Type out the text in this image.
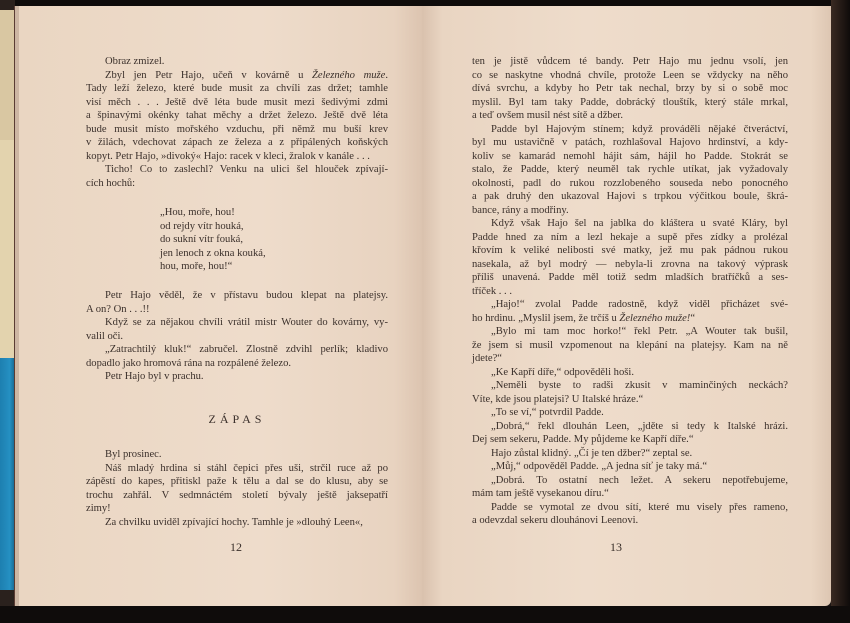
Obraz zmizel.
Zbyl jen Petr Hajo, učeň v kovárně u Železného muže.
Tady leží železo, které bude musit za chvíli zas držet; tamhle
visí měch . . . Ještě dvě léta bude musit mezi šedivými zdmi
a špinavými okénky tahat měchy a držet železo. Ještě dvě léta
bude musit místo mořského vzduchu, při němž mu buší krev
v žilách, vdechovat zápach ze železa a z připálených koňských
kopyt. Petr Hajo, »divoký« Hajo: racek v kleci, žralok v kanále . . .
Ticho! Co to zaslechl? Venku na ulici šel hlouček zpívají-
cích hochů:
„Hou, moře, hou!
od rejdy vítr houká,
do sukní vítr fouká,
jen lenoch z okna kouká,
hou, moře, hou!“
Petr Hajo věděl, že v přístavu budou klepat na platejsy.
A on? On . . .!!
Když se za nějakou chvíli vrátil mistr Wouter do kovárny, vy-
valil oči.
„Zatrachtilý kluk!“ zabručel. Zlostně zdvihl perlík; kladivo
dopadlo jako hromová rána na rozpálené železo.
Petr Hajo byl v prachu.
ZÁPAS
Byl prosinec.
Náš mladý hrdina si stáhl čepici přes uši, strčil ruce až po
zápěstí do kapes, přitiskl paže k tělu a dal se do klusu, aby se
trochu zahřál. V sedmnáctém století bývaly ještě jaksepatří
zimy!
Za chvilku uviděl zpívající hochy. Tamhle je »dlouhý Leen«,
12
ten je jistě vůdcem té bandy. Petr Hajo mu jednu vsolí, jen
co se naskytne vhodná chvíle, protože Leen se vždycky na něho
dívá svrchu, a kdyby ho Petr tak nechal, brzy by si o sobě moc
myslil. Byl tam taky Padde, dobrácký tlouštík, který stále mrkal,
a teď ovšem musil nést sítě a džber.
Padde byl Hajovým stínem; když prováděli nějaké čtveráctví,
byl mu ustavičně v patách, rozhlašoval Hajovo hrdinství, a kdy-
koliv se kamarád nemohl hájit sám, hájil ho Padde. Stokrát se
stalo, že Padde, který neuměl tak rychle utíkat, jak vyžadovaly
okolnosti, padl do rukou rozzlobeného souseda nebo ponocného
a pak druhý den ukazoval Hajovi s trpkou výčitkou boule, škrá-
bance, rány a modřiny.
Když však Hajo šel na jablka do kláštera u svaté Kláry, byl
Padde hned za ním a lezl hekaje a supě přes zídky a prolézal
křovím k veliké nelibosti své matky, jež mu pak pádnou rukou
nasekala, až byl modrý — nebyla-li zrovna na takový výprask
příliš unavená. Padde měl totiž sedm mladších bratříčků a ses-
tříček . . .
„Hajo!“ zvolal Padde radostně, když viděl přicházet své-
ho hrdinu. „Myslil jsem, že trčíš u Železného muže!“
„Bylo mi tam moc horko!“ řekl Petr. „A Wouter tak bušil,
že jsem si musil vzpomenout na klepání na platejsy. Kam na ně
jdete?“
„Ke Kapří díře,“ odpověděli hoši.
„Neměli byste to radši zkusit v maminčiných neckách?
Víte, kde jsou platejsi? U Italské hráze.“
„To se ví,“ potvrdil Padde.
„Dobrá,“ řekl dlouhán Leen, „jděte si tedy k Italské hrázi.
Dej sem sekeru, Padde. My půjdeme ke Kapří díře.“
Hajo zůstal klidný. „Čí je ten džber?“ zeptal se.
„Můj,“ odpověděl Padde. „A jedna síť je taky má.“
„Dobrá. To ostatní nech ležet. A sekeru nepotřebujeme,
mám tam ještě vysekanou díru.“
Padde se vymotal ze dvou sítí, které mu visely přes rameno,
a odevzdal sekeru dlouhánovi Leenovi.
13
